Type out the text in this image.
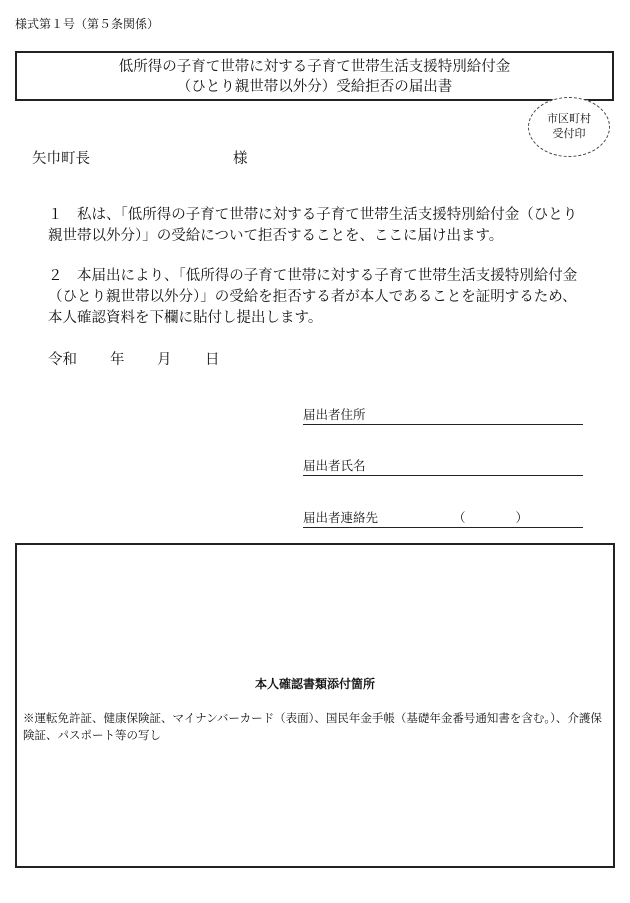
様式第１号（第５条関係）
低所得の子育て世帯に対する子育て世帯生活支援特別給付金
（ひとり親世帯以外分）受給拒否の届出書
市区町村
受付印
矢巾町長	様
１　私は、「低所得の子育て世帯に対する子育て世帯生活支援特別給付金（ひとり親世帯以外分）」の受給について拒否することを、ここに届け出ます。
２　本届出により、「低所得の子育て世帯に対する子育て世帯生活支援特別給付金（ひとり親世帯以外分）」の受給を拒否する者が本人であることを証明するため、本人確認資料を下欄に貼付し提出します。
令和 年 月 日
届出者住所
届出者氏名
届出者連絡先	（　　　　）
本人確認書類添付箇所
※運転免許証、健康保険証、マイナンバーカード（表面）、国民年金手帳（基礎年金番号通知書を含む。）、介護保険証、パスポート等の写し
